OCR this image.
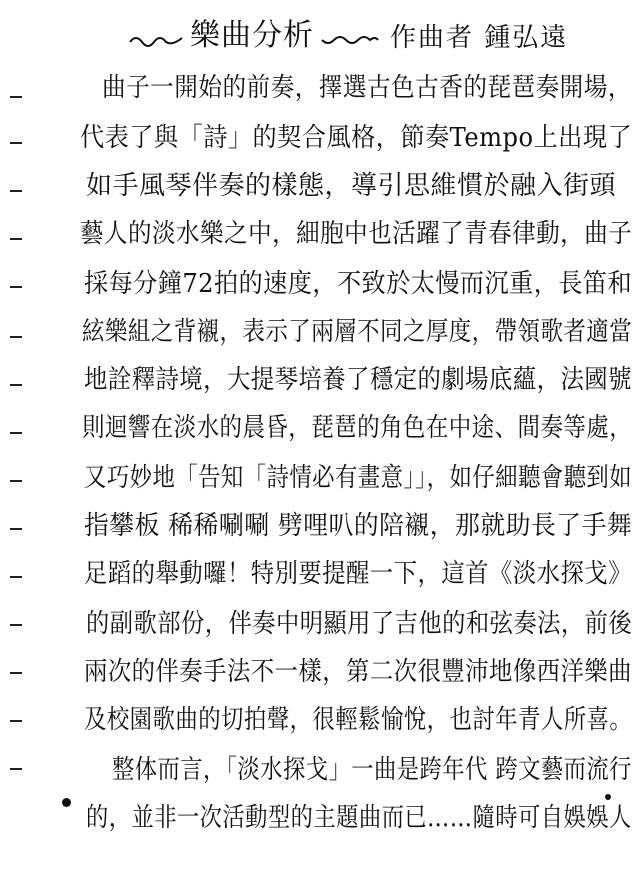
樂曲分析	作曲者 鍾弘遠
曲子一開始的前奏，擇選古色古香的琵琶奏開場，
代表了與「詩」的契合風格，節奏Tempo上出現了
如手風琴伴奏的樣態，導引思維慣於融入街頭
藝人的淡水樂之中，細胞中也活躍了青春律動，曲子
採每分鐘72拍的速度，不致於太慢而沉重，長笛和
絃樂組之背襯，表示了兩層不同之厚度，帶領歌者適當
地詮釋詩境，大提琴培養了穩定的劇場底蘊，法國號
則迴響在淡水的晨昏，琵琶的角色在中途、間奏等處，
又巧妙地「告知「詩情必有畫意」」，如仔細聽會聽到如
指攀板 稀稀唰唰 劈哩叭的陪襯，那就助長了手舞
足蹈的舉動囉！特別要提醒一下，這首《淡水探戈》
的副歌部份，伴奏中明顯用了吉他的和弦奏法，前後
兩次的伴奏手法不一樣，第二次很豐沛地像西洋樂曲
及校園歌曲的切拍聲，很輕鬆愉悅，也討年青人所喜。
整体而言，「淡水探戈」一曲是跨年代 跨文藝而流行
的，並非一次活動型的主題曲而已……隨時可自娛娛人
